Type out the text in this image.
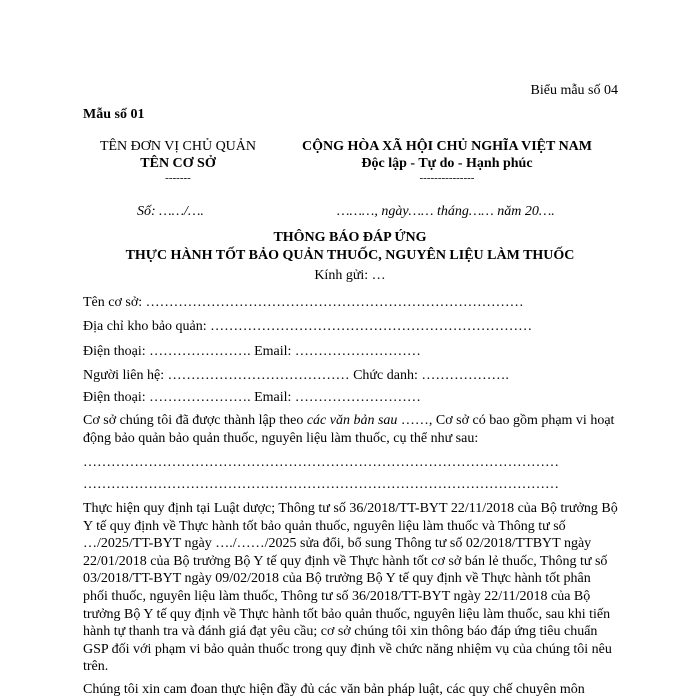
Biểu mẫu số 04
Mẫu số 01
TÊN ĐƠN VỊ CHỦ QUẢN
TÊN CƠ SỞ
-------
CỘNG HÒA XÃ HỘI CHỦ NGHĨA VIỆT NAM
Độc lập - Tự do - Hạnh phúc
---------------
Số: ……/….	………, ngày…… tháng…… năm 20….
THÔNG BÁO ĐÁP ỨNG
THỰC HÀNH TỐT BẢO QUẢN THUỐC, NGUYÊN LIỆU LÀM THUỐC
Kính gửi: …
Tên cơ sở: ………………………………………………………………………
Địa chỉ kho bảo quản: ……………………………………………………………
Điện thoại: …………………. Email: ………………………
Người liên hệ: ………………………………… Chức danh: ……………….
Điện thoại: …………………. Email: ………………………
Cơ sở chúng tôi đã được thành lập theo các văn bản sau ……, Cơ sở có bao gồm phạm vi hoạt động bảo quản bảo quản thuốc, nguyên liệu làm thuốc, cụ thể như sau:
…………………………………………………………………………………………
…………………………………………………………………………………………
Thực hiện quy định tại Luật dược; Thông tư số 36/2018/TT-BYT 22/11/2018 của Bộ trưởng Bộ Y tế quy định về Thực hành tốt bảo quản thuốc, nguyên liệu làm thuốc và Thông tư số …/2025/TT-BYT ngày …./……/2025 sửa đổi, bổ sung Thông tư số 02/2018/TTBYT ngày 22/01/2018 của Bộ trưởng Bộ Y tế quy định về Thực hành tốt cơ sở bán lẻ thuốc, Thông tư số 03/2018/TT-BYT ngày 09/02/2018 của Bộ trưởng Bộ Y tế quy định về Thực hành tốt phân phối thuốc, nguyên liệu làm thuốc, Thông tư số 36/2018/TT-BYT ngày 22/11/2018 của Bộ trưởng Bộ Y tế quy định về Thực hành tốt bảo quản thuốc, nguyên liệu làm thuốc, sau khi tiến hành tự thanh tra và đánh giá đạt yêu cầu; cơ sở chúng tôi xin thông báo đáp ứng tiêu chuẩn GSP đối với phạm vi bảo quản thuốc trong quy định về chức năng nhiệm vụ của chúng tôi nêu trên.
Chúng tôi xin cam đoan thực hiện đầy đủ các văn bản pháp luật, các quy chế chuyên môn
